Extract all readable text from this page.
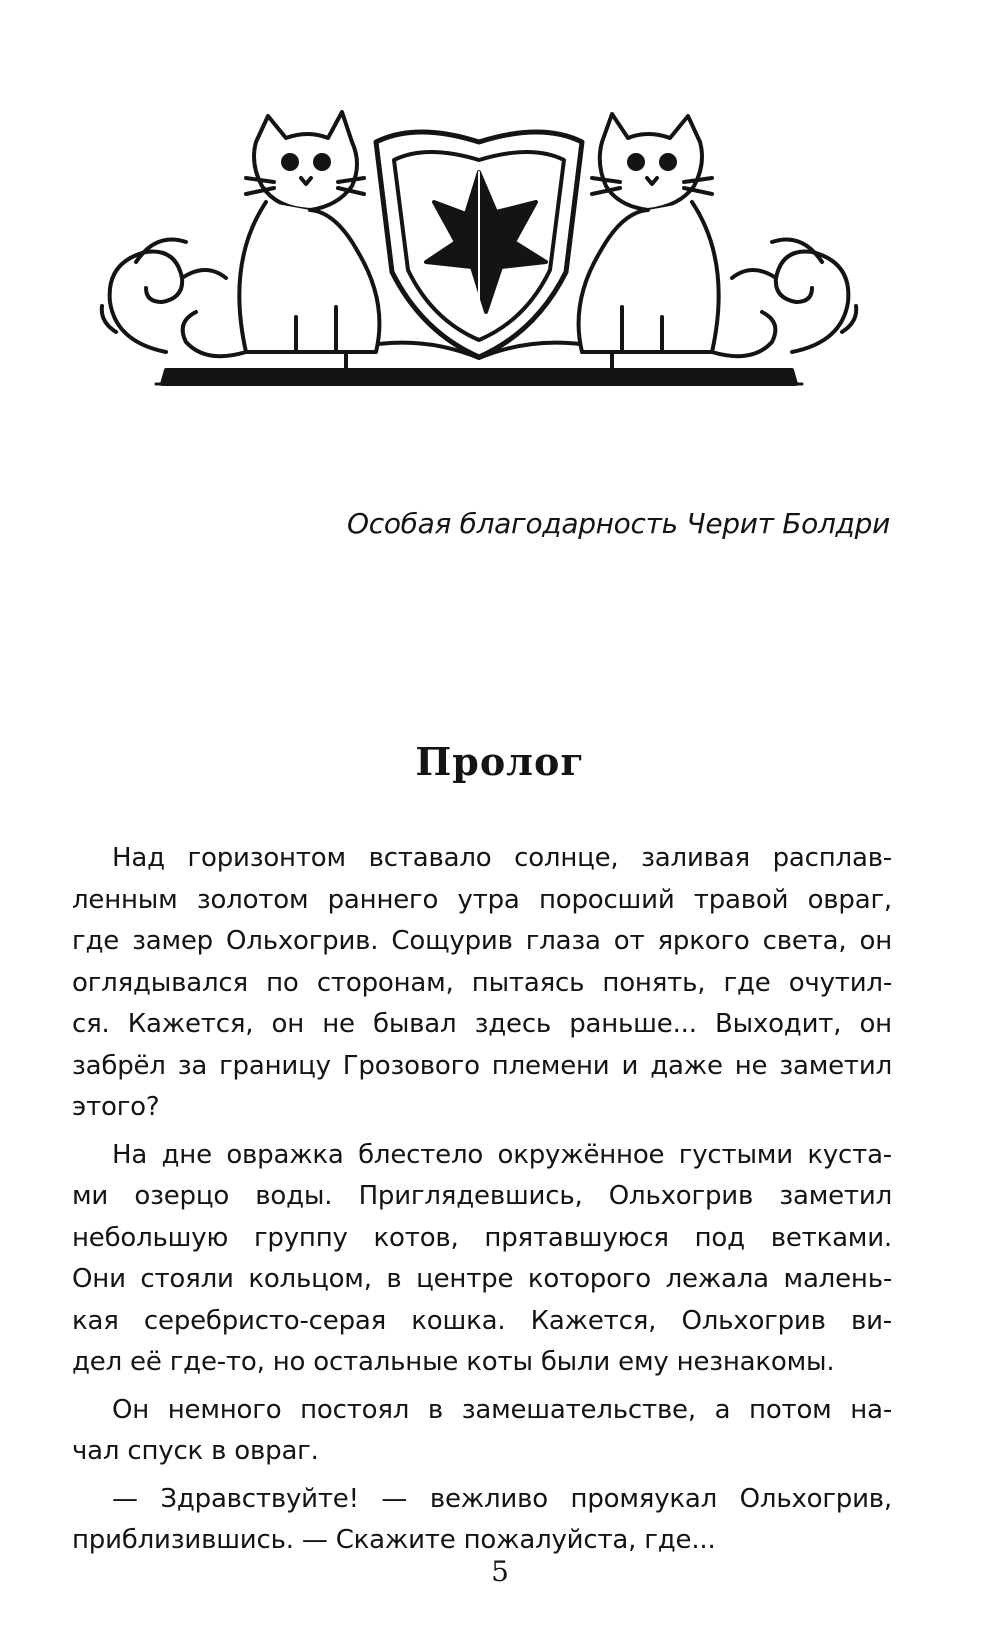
Особая благодарность Черит Болдри
Пролог
Над горизонтом вставало солнце, заливая расплав-
ленным золотом раннего утра поросший травой овраг,
где замер Ольхогрив. Сощурив глаза от яркого света, он
оглядывался по сторонам, пытаясь понять, где очутил-
ся. Кажется, он не бывал здесь раньше... Выходит, он
забрёл за границу Грозового племени и даже не заметил
этого?
На дне овражка блестело окружённое густыми куста-
ми озерцо воды. Приглядевшись, Ольхогрив заметил
небольшую группу котов, прятавшуюся под ветками.
Они стояли кольцом, в центре которого лежала малень-
кая серебристо-серая кошка. Кажется, Ольхогрив ви-
дел её где-то, но остальные коты были ему незнакомы.
Он немного постоял в замешательстве, а потом на-
чал спуск в овраг.
— Здравствуйте! — вежливо промяукал Ольхогрив,
приблизившись. — Скажите пожалуйста, где...
5
